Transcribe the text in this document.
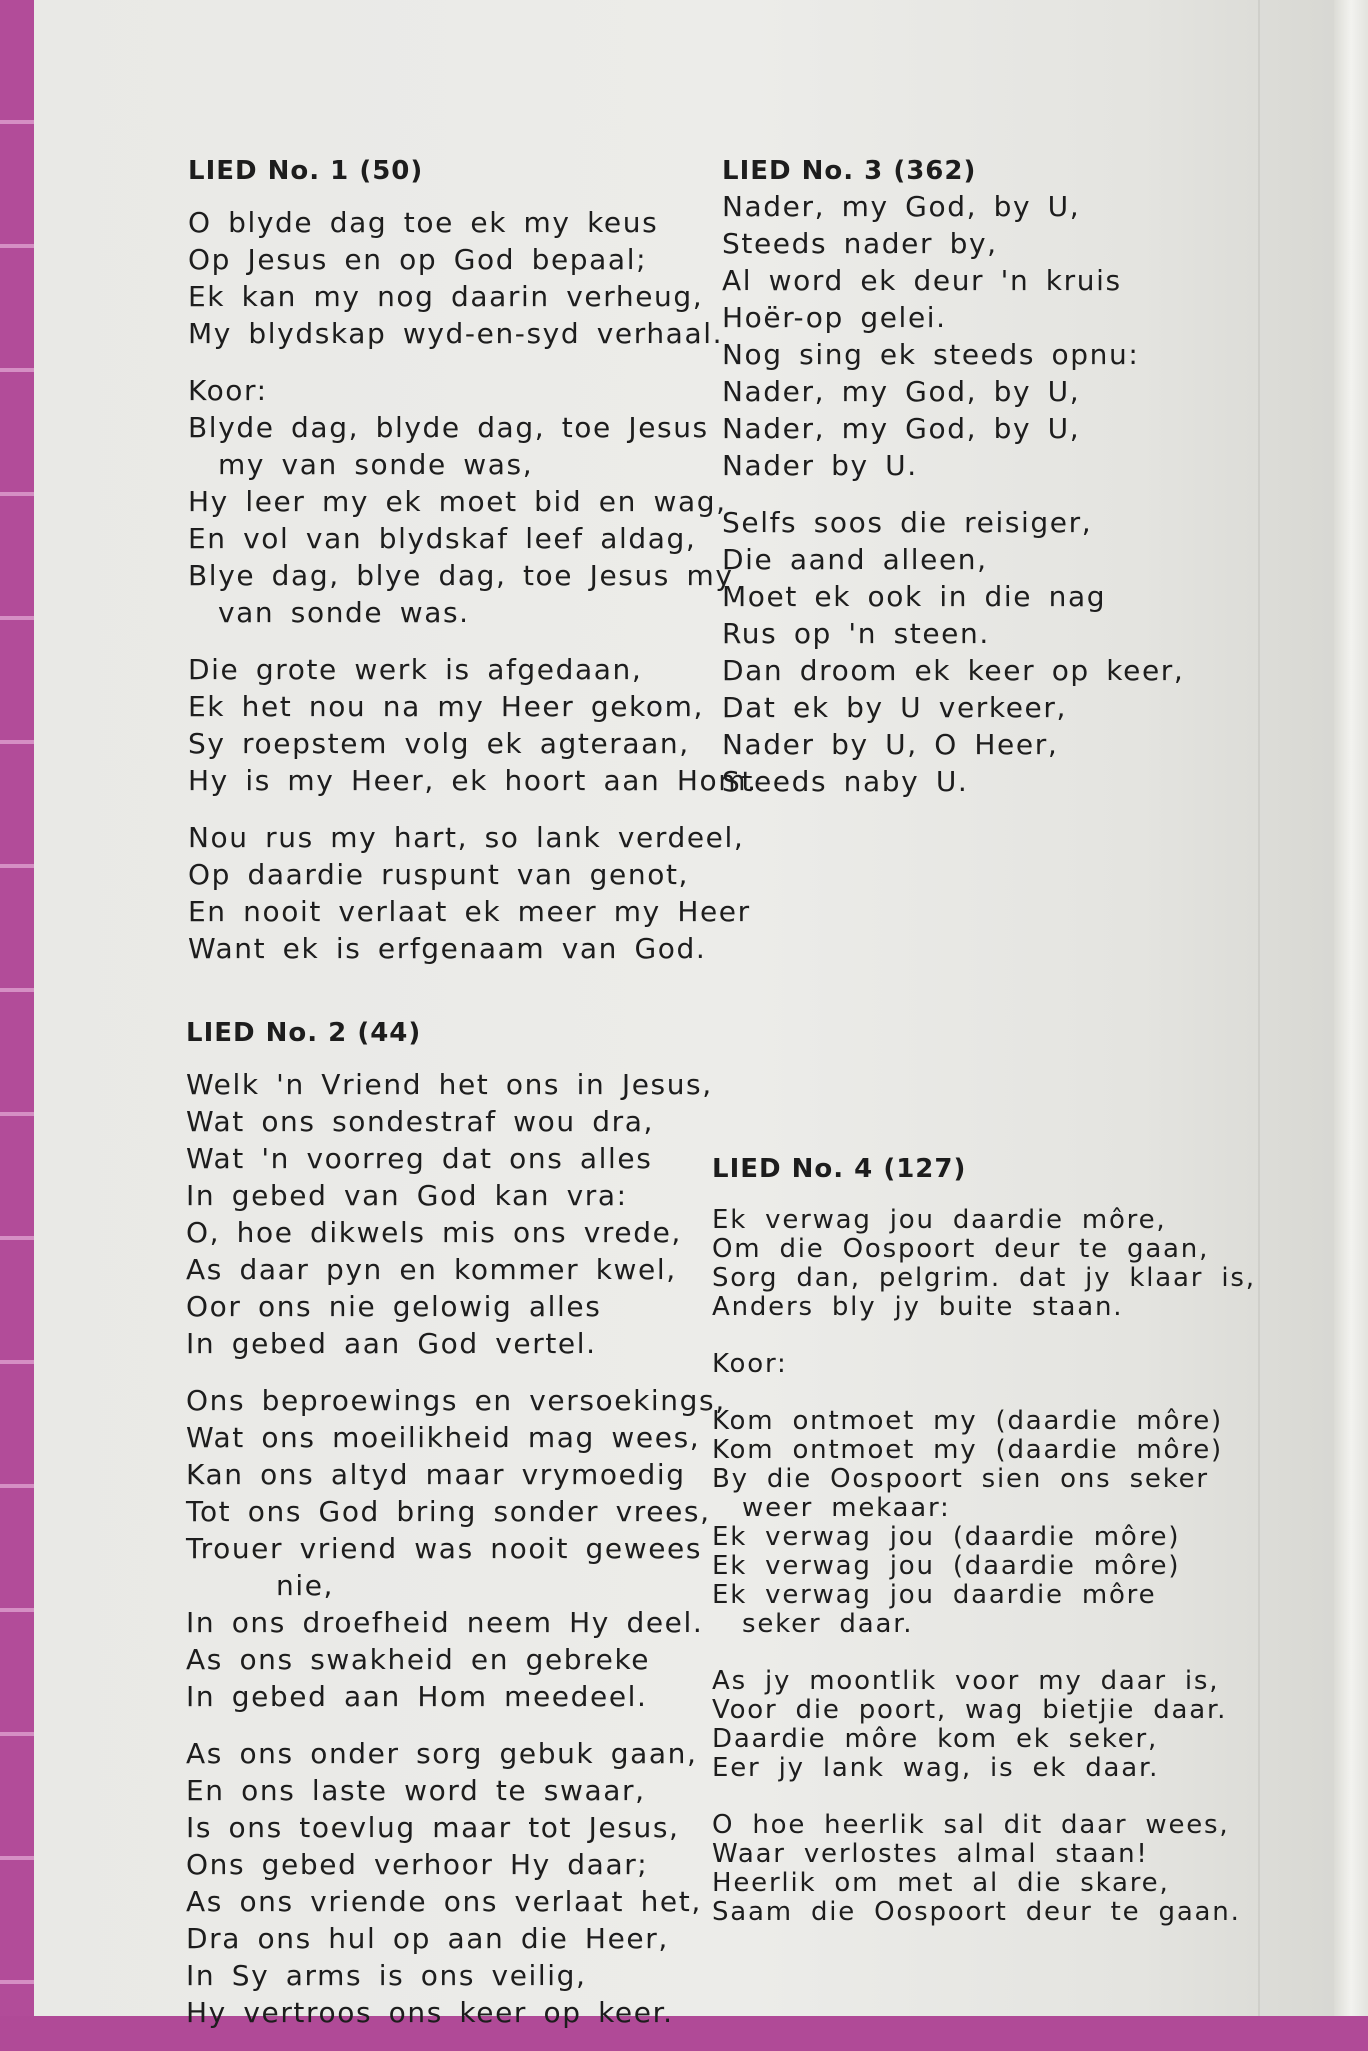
LIED No. 1 (50)
O blyde dag toe ek my keus
Op Jesus en op God bepaal;
Ek kan my nog daarin verheug,
My blydskap wyd-en-syd verhaal.
Koor:
Blyde dag, blyde dag, toe Jesus
my van sonde was,
Hy leer my ek moet bid en wag,
En vol van blydskaf leef aldag,
Blye dag, blye dag, toe Jesus my
van sonde was.
Die grote werk is afgedaan,
Ek het nou na my Heer gekom,
Sy roepstem volg ek agteraan,
Hy is my Heer, ek hoort aan Hom.
Nou rus my hart, so lank verdeel,
Op daardie ruspunt van genot,
En nooit verlaat ek meer my Heer
Want ek is erfgenaam van God.
LIED No. 2 (44)
Welk 'n Vriend het ons in Jesus,
Wat ons sondestraf wou dra,
Wat 'n voorreg dat ons alles
In gebed van God kan vra:
O, hoe dikwels mis ons vrede,
As daar pyn en kommer kwel,
Oor ons nie gelowig alles
In gebed aan God vertel.
Ons beproewings en versoekings,
Wat ons moeilikheid mag wees,
Kan ons altyd maar vrymoedig
Tot ons God bring sonder vrees,
Trouer vriend was nooit gewees
nie,
In ons droefheid neem Hy deel.
As ons swakheid en gebreke
In gebed aan Hom meedeel.
As ons onder sorg gebuk gaan,
En ons laste word te swaar,
Is ons toevlug maar tot Jesus,
Ons gebed verhoor Hy daar;
As ons vriende ons verlaat het,
Dra ons hul op aan die Heer,
In Sy arms is ons veilig,
Hy vertroos ons keer op keer.
LIED No. 3 (362)
Nader, my God, by U,
Steeds nader by,
Al word ek deur 'n kruis
Hoër-op gelei.
Nog sing ek steeds opnu:
Nader, my God, by U,
Nader, my God, by U,
Nader by U.
Selfs soos die reisiger,
Die aand alleen,
Moet ek ook in die nag
Rus op 'n steen.
Dan droom ek keer op keer,
Dat ek by U verkeer,
Nader by U, O Heer,
Steeds naby U.
LIED No. 4 (127)
Ek verwag jou daardie môre,
Om die Oospoort deur te gaan,
Sorg dan, pelgrim. dat jy klaar is,
Anders bly jy buite staan.
Koor:
Kom ontmoet my (daardie môre)
Kom ontmoet my (daardie môre)
By die Oospoort sien ons seker
weer mekaar:
Ek verwag jou (daardie môre)
Ek verwag jou (daardie môre)
Ek verwag jou daardie môre
seker daar.
As jy moontlik voor my daar is,
Voor die poort, wag bietjie daar.
Daardie môre kom ek seker,
Eer jy lank wag, is ek daar.
O hoe heerlik sal dit daar wees,
Waar verlostes almal staan!
Heerlik om met al die skare,
Saam die Oospoort deur te gaan.
